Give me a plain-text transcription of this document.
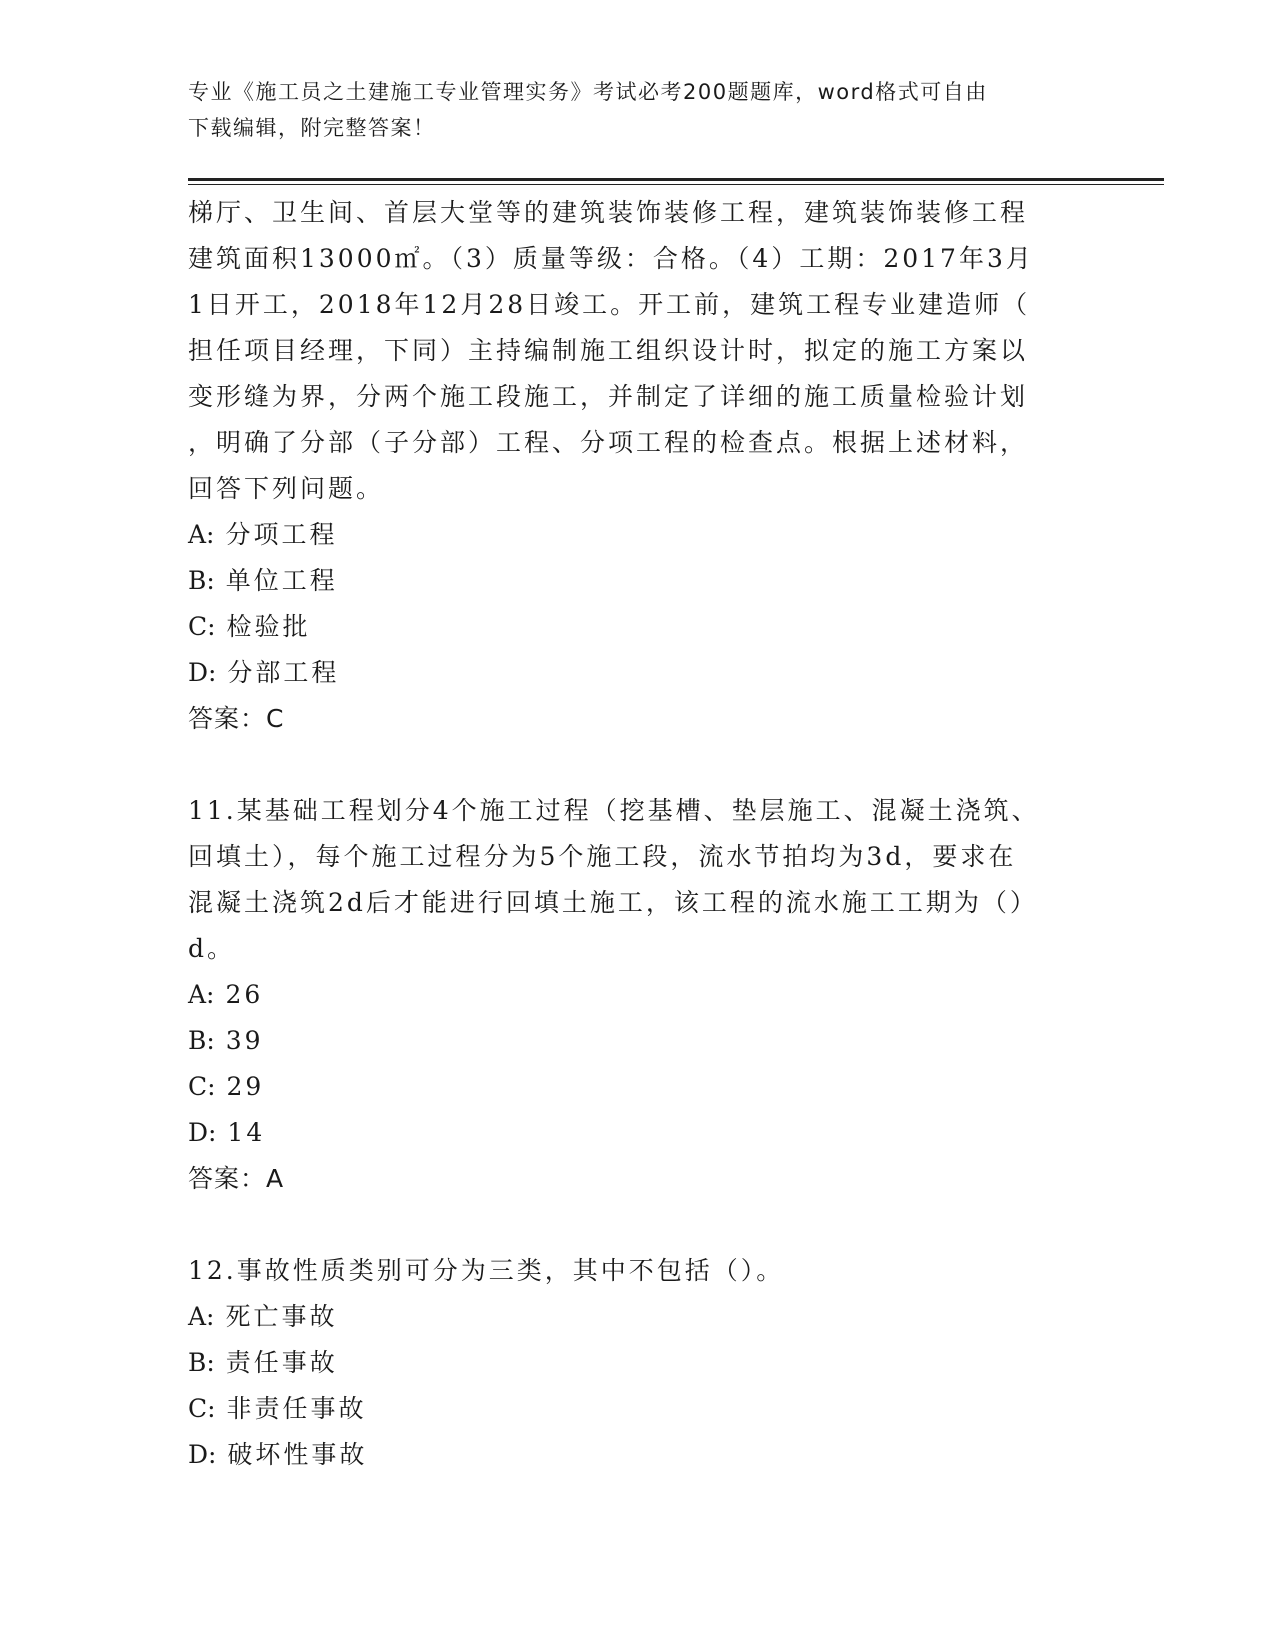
专业《施工员之土建施工专业管理实务》考试必考200题题库，word格式可自由
下载编辑，附完整答案！
梯厅、卫生间、首层大堂等的建筑装饰装修工程，建筑装饰装修工程
建筑面积13000㎡。（3）质量等级：合格。（4）工期：2017年3月
1日开工，2018年12月28日竣工。开工前，建筑工程专业建造师（
担任项目经理，下同）主持编制施工组织设计时，拟定的施工方案以
变形缝为界，分两个施工段施工，并制定了详细的施工质量检验计划
，明确了分部（子分部）工程、分项工程的检查点。根据上述材料，
回答下列问题。
A: 分项工程
B: 单位工程
C: 检验批
D: 分部工程
答案：C
11.某基础工程划分4个施工过程（挖基槽、垫层施工、混凝土浇筑、
回填土），每个施工过程分为5个施工段，流水节拍均为3d，要求在
混凝土浇筑2d后才能进行回填土施工，该工程的流水施工工期为（）
d。
A: 26
B: 39
C: 29
D: 14
答案：A
12.事故性质类别可分为三类，其中不包括（）。
A: 死亡事故
B: 责任事故
C: 非责任事故
D: 破坏性事故
